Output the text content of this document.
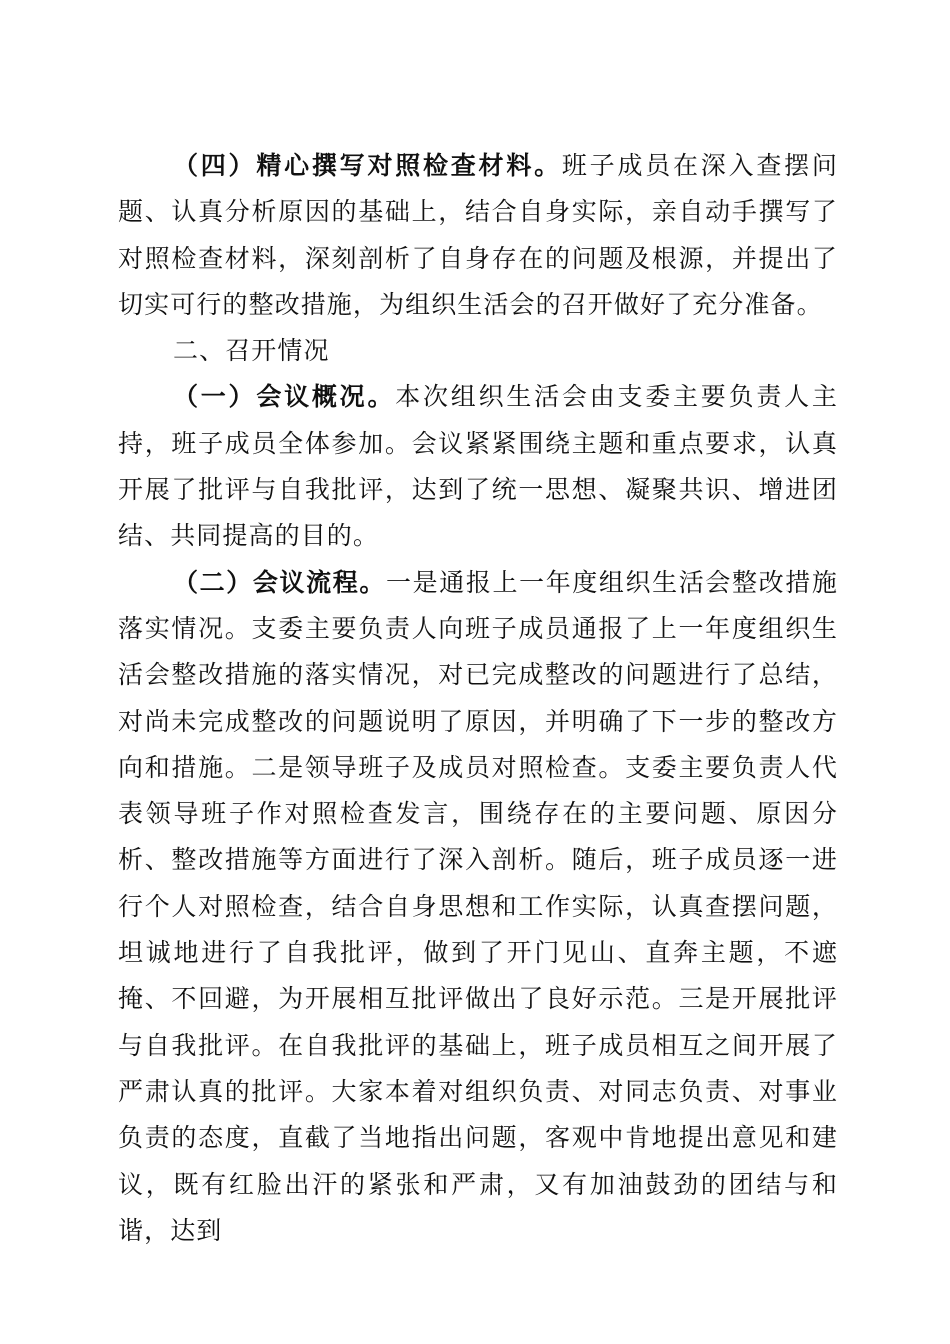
（四）精心撰写对照检查材料。班子成员在深入查摆问题、认真分析原因的基础上，结合自身实际，亲自动手撰写了对照检查材料，深刻剖析了自身存在的问题及根源，并提出了切实可行的整改措施，为组织生活会的召开做好了充分准备。

二、召开情况

（一）会议概况。本次组织生活会由支委主要负责人主持，班子成员全体参加。会议紧紧围绕主题和重点要求，认真开展了批评与自我批评，达到了统一思想、凝聚共识、增进团结、共同提高的目的。

（二）会议流程。一是通报上一年度组织生活会整改措施落实情况。支委主要负责人向班子成员通报了上一年度组织生活会整改措施的落实情况，对已完成整改的问题进行了总结，对尚未完成整改的问题说明了原因，并明确了下一步的整改方向和措施。二是领导班子及成员对照检查。支委主要负责人代表领导班子作对照检查发言，围绕存在的主要问题、原因分析、整改措施等方面进行了深入剖析。随后，班子成员逐一进行个人对照检查，结合自身思想和工作实际，认真查摆问题，坦诚地进行了自我批评，做到了开门见山、直奔主题，不遮掩、不回避，为开展相互批评做出了良好示范。三是开展批评与自我批评。在自我批评的基础上，班子成员相互之间开展了严肃认真的批评。大家本着对组织负责、对同志负责、对事业负责的态度，直截了当地指出问题，客观中肯地提出意见和建议，既有红脸出汗的紧张和严肃，又有加油鼓劲的团结与和谐，达到
